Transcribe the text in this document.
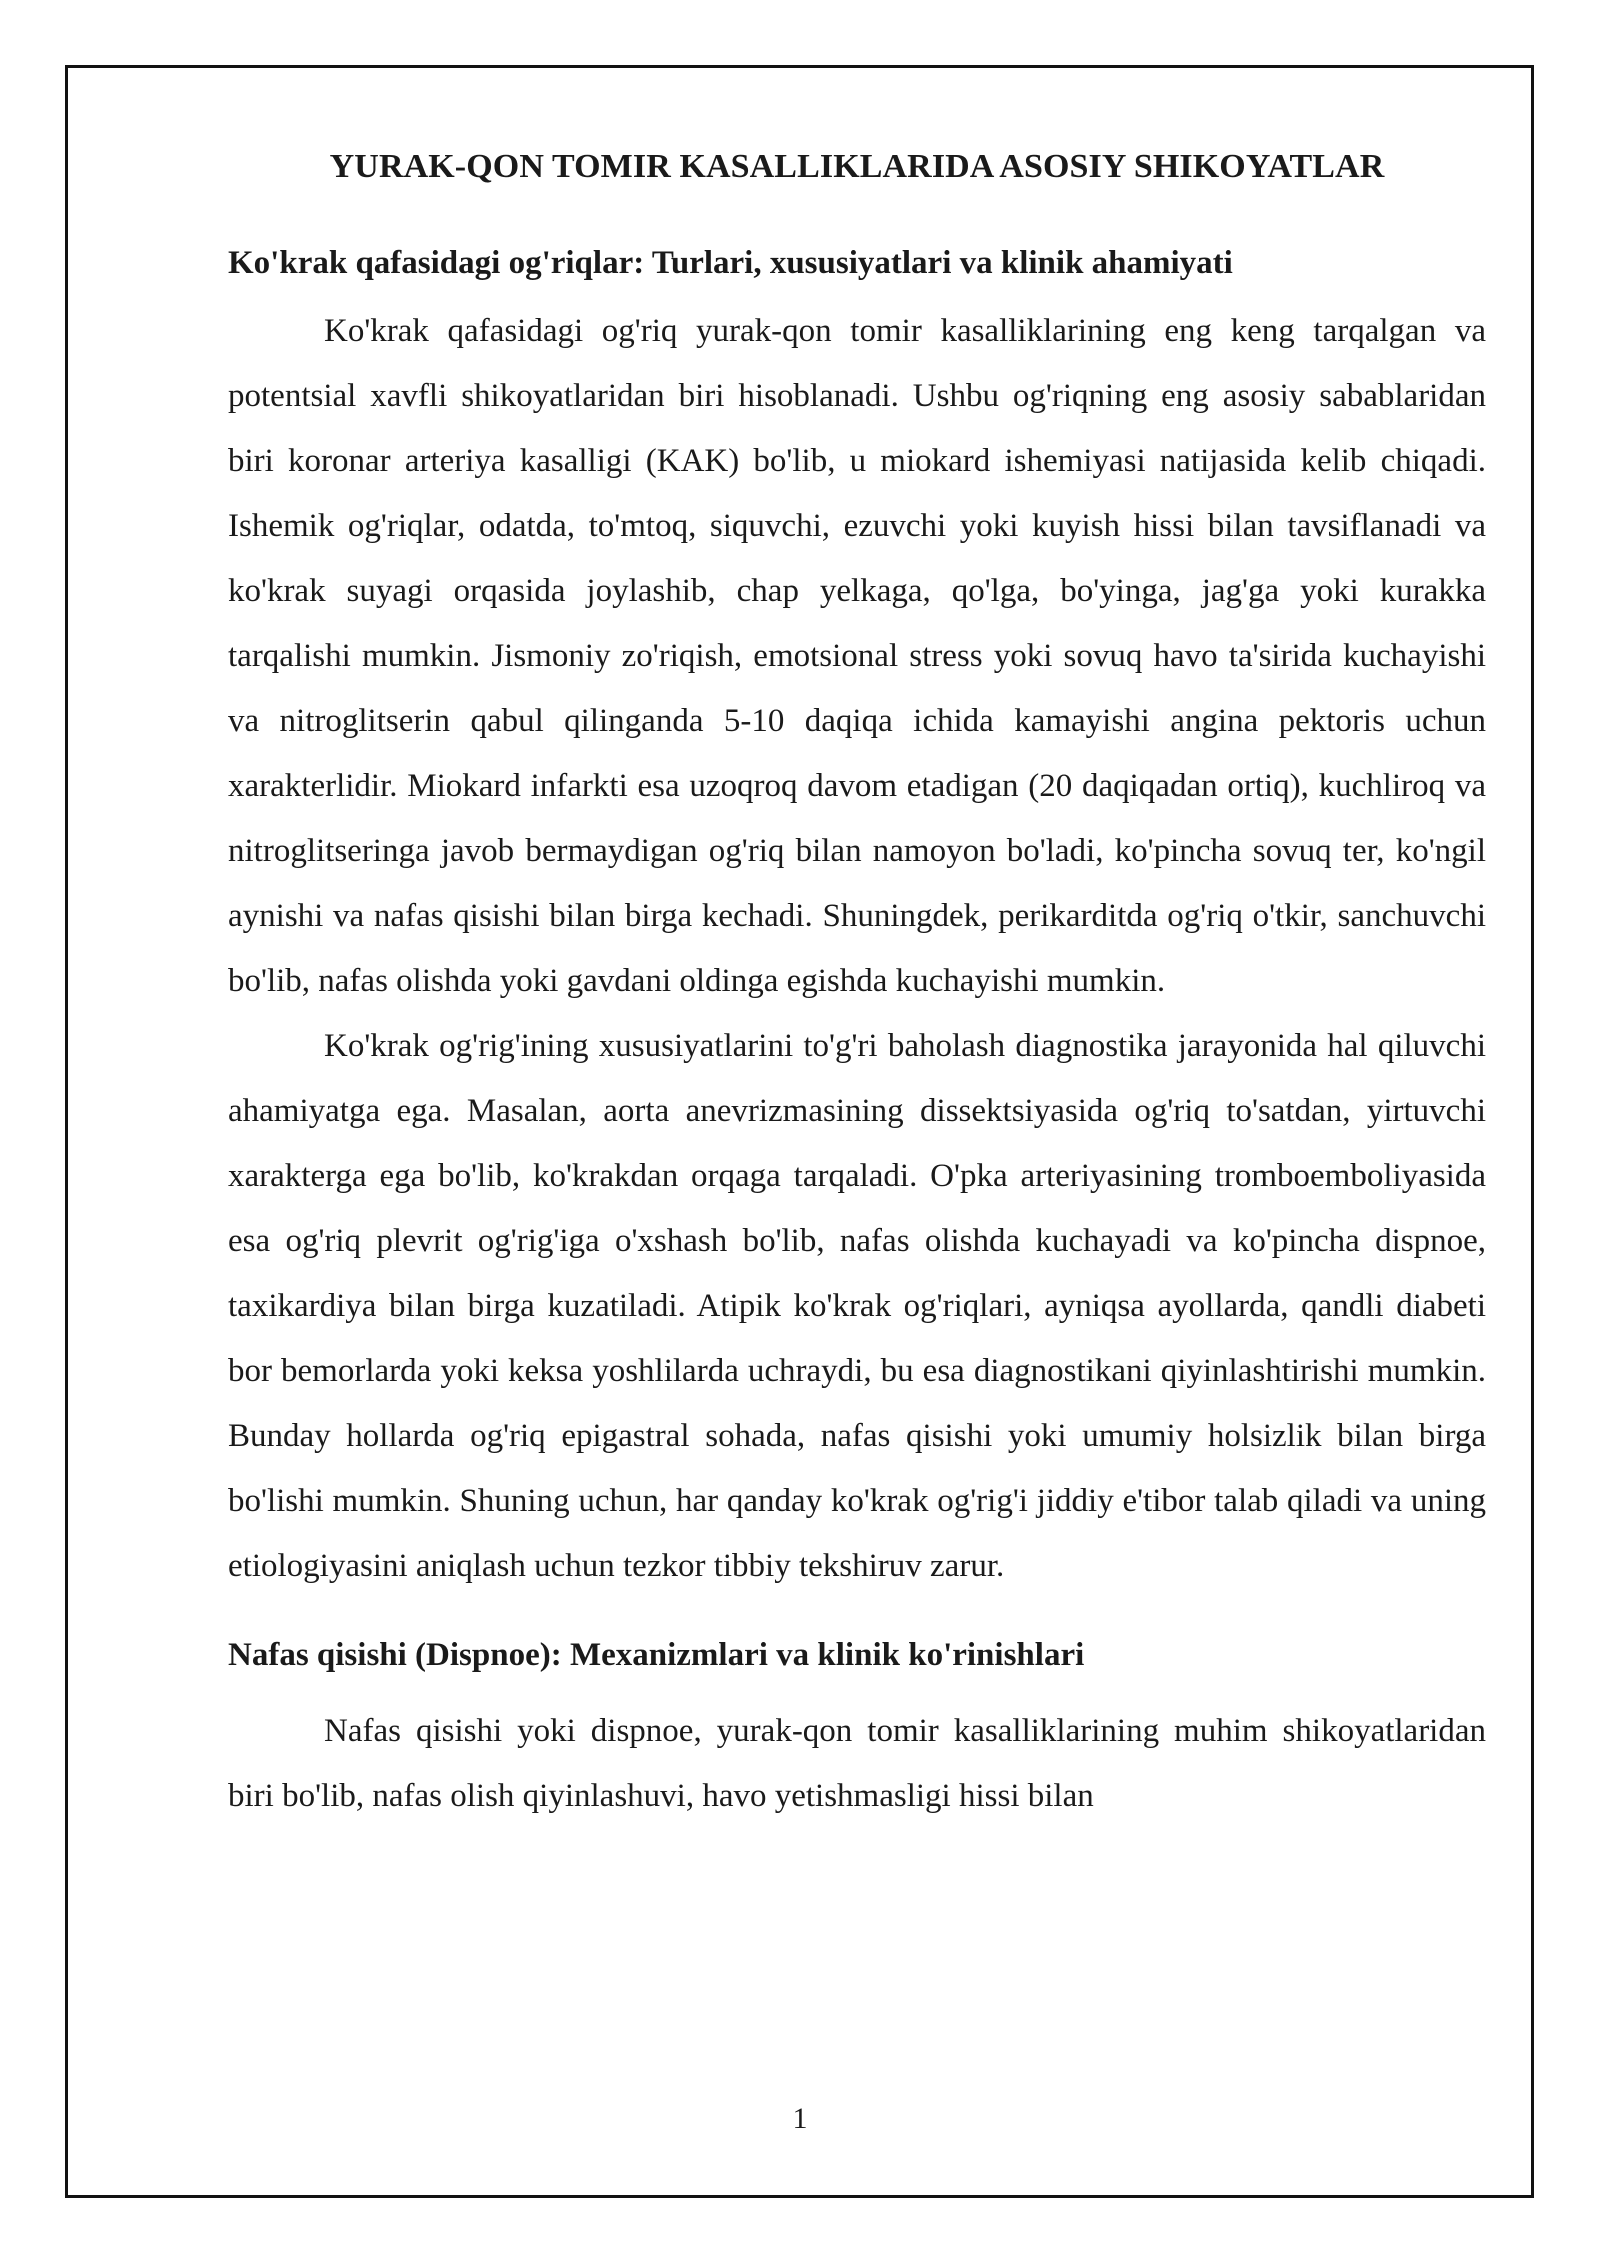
YURAK-QON TOMIR KASALLIKLARIDA ASOSIY SHIKOYATLAR
Ko'krak qafasidagi og'riqlar: Turlari, xususiyatlari va klinik ahamiyati

Ko'krak qafasidagi og'riq yurak-qon tomir kasalliklarining eng keng tarqalgan va potentsial xavfli shikoyatlaridan biri hisoblanadi. Ushbu og'riqning eng asosiy sabablaridan biri koronar arteriya kasalligi (KAK) bo'lib, u miokard ishemiyasi natijasida kelib chiqadi. Ishemik og'riqlar, odatda, to'mtoq, siquvchi, ezuvchi yoki kuyish hissi bilan tavsiflanadi va ko'krak suyagi orqasida joylashib, chap yelkaga, qo'lga, bo'yinga, jag'ga yoki kurakka tarqalishi mumkin. Jismoniy zo'riqish, emotsional stress yoki sovuq havo ta'sirida kuchayishi va nitroglitserin qabul qilinganda 5-10 daqiqa ichida kamayishi angina pektoris uchun xarakterlidir. Miokard infarkti esa uzoqroq davom etadigan (20 daqiqadan ortiq), kuchliroq va nitroglitseringa javob bermaydigan og'riq bilan namoyon bo'ladi, ko'pincha sovuq ter, ko'ngil aynishi va nafas qisishi bilan birga kechadi. Shuningdek, perikarditda og'riq o'tkir, sanchuvchi bo'lib, nafas olishda yoki gavdani oldinga egishda kuchayishi mumkin.

Ko'krak og'rig'ining xususiyatlarini to'g'ri baholash diagnostika jarayonida hal qiluvchi ahamiyatga ega. Masalan, aorta anevrizmasining dissektsiyasida og'riq to'satdan, yirtuvchi xarakterga ega bo'lib, ko'krakdan orqaga tarqaladi. O'pka arteriyasining tromboemboliyasida esa og'riq plevrit og'rig'iga o'xshash bo'lib, nafas olishda kuchayadi va ko'pincha dispnoe, taxikardiya bilan birga kuzatiladi. Atipik ko'krak og'riqlari, ayniqsa ayollarda, qandli diabeti bor bemorlarda yoki keksa yoshlilarda uchraydi, bu esa diagnostikani qiyinlashtirishi mumkin. Bunday hollarda og'riq epigastral sohada, nafas qisishi yoki umumiy holsizlik bilan birga bo'lishi mumkin. Shuning uchun, har qanday ko'krak og'rig'i jiddiy e'tibor talab qiladi va uning etiologiyasini aniqlash uchun tezkor tibbiy tekshiruv zarur.

Nafas qisishi (Dispnoe): Mexanizmlari va klinik ko'rinishlari

Nafas qisishi yoki dispnoe, yurak-qon tomir kasalliklarining muhim shikoyatlaridan biri bo'lib, nafas olish qiyinlashuvi, havo yetishmasligi hissi bilan

1
